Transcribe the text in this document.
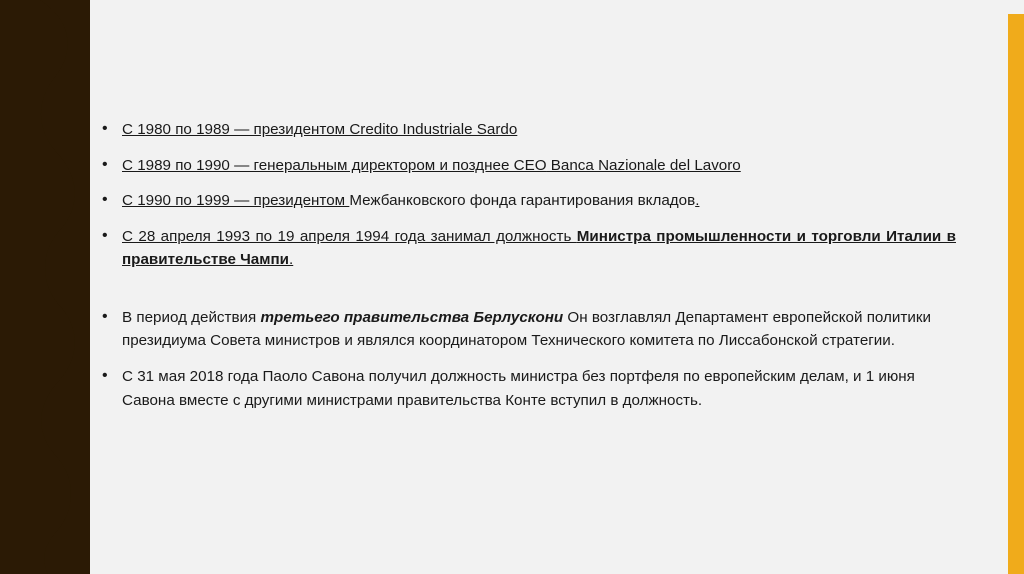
• С 1980 по 1989 — президентом Credito Industriale Sardo
• С 1989 по 1990 — генеральным директором и позднее CEO Banca Nazionale del Lavoro
• С 1990 по 1999 — президентом Межбанковского фонда гарантирования вкладов.
• С 28 апреля 1993 по 19 апреля 1994 года занимал должность Министра промышленности и торговли Италии в правительстве Чампи.
• В период действия третьего правительства Берлускони Он возглавлял Департамент европейской политики президиума Совета министров и являлся координатором Технического комитета по Лиссабонской стратегии.
• С 31 мая 2018 года Паоло Савона получил должность министра без портфеля по европейским делам, и 1 июня Савона вместе с другими министрами правительства Конте вступил в должность.
